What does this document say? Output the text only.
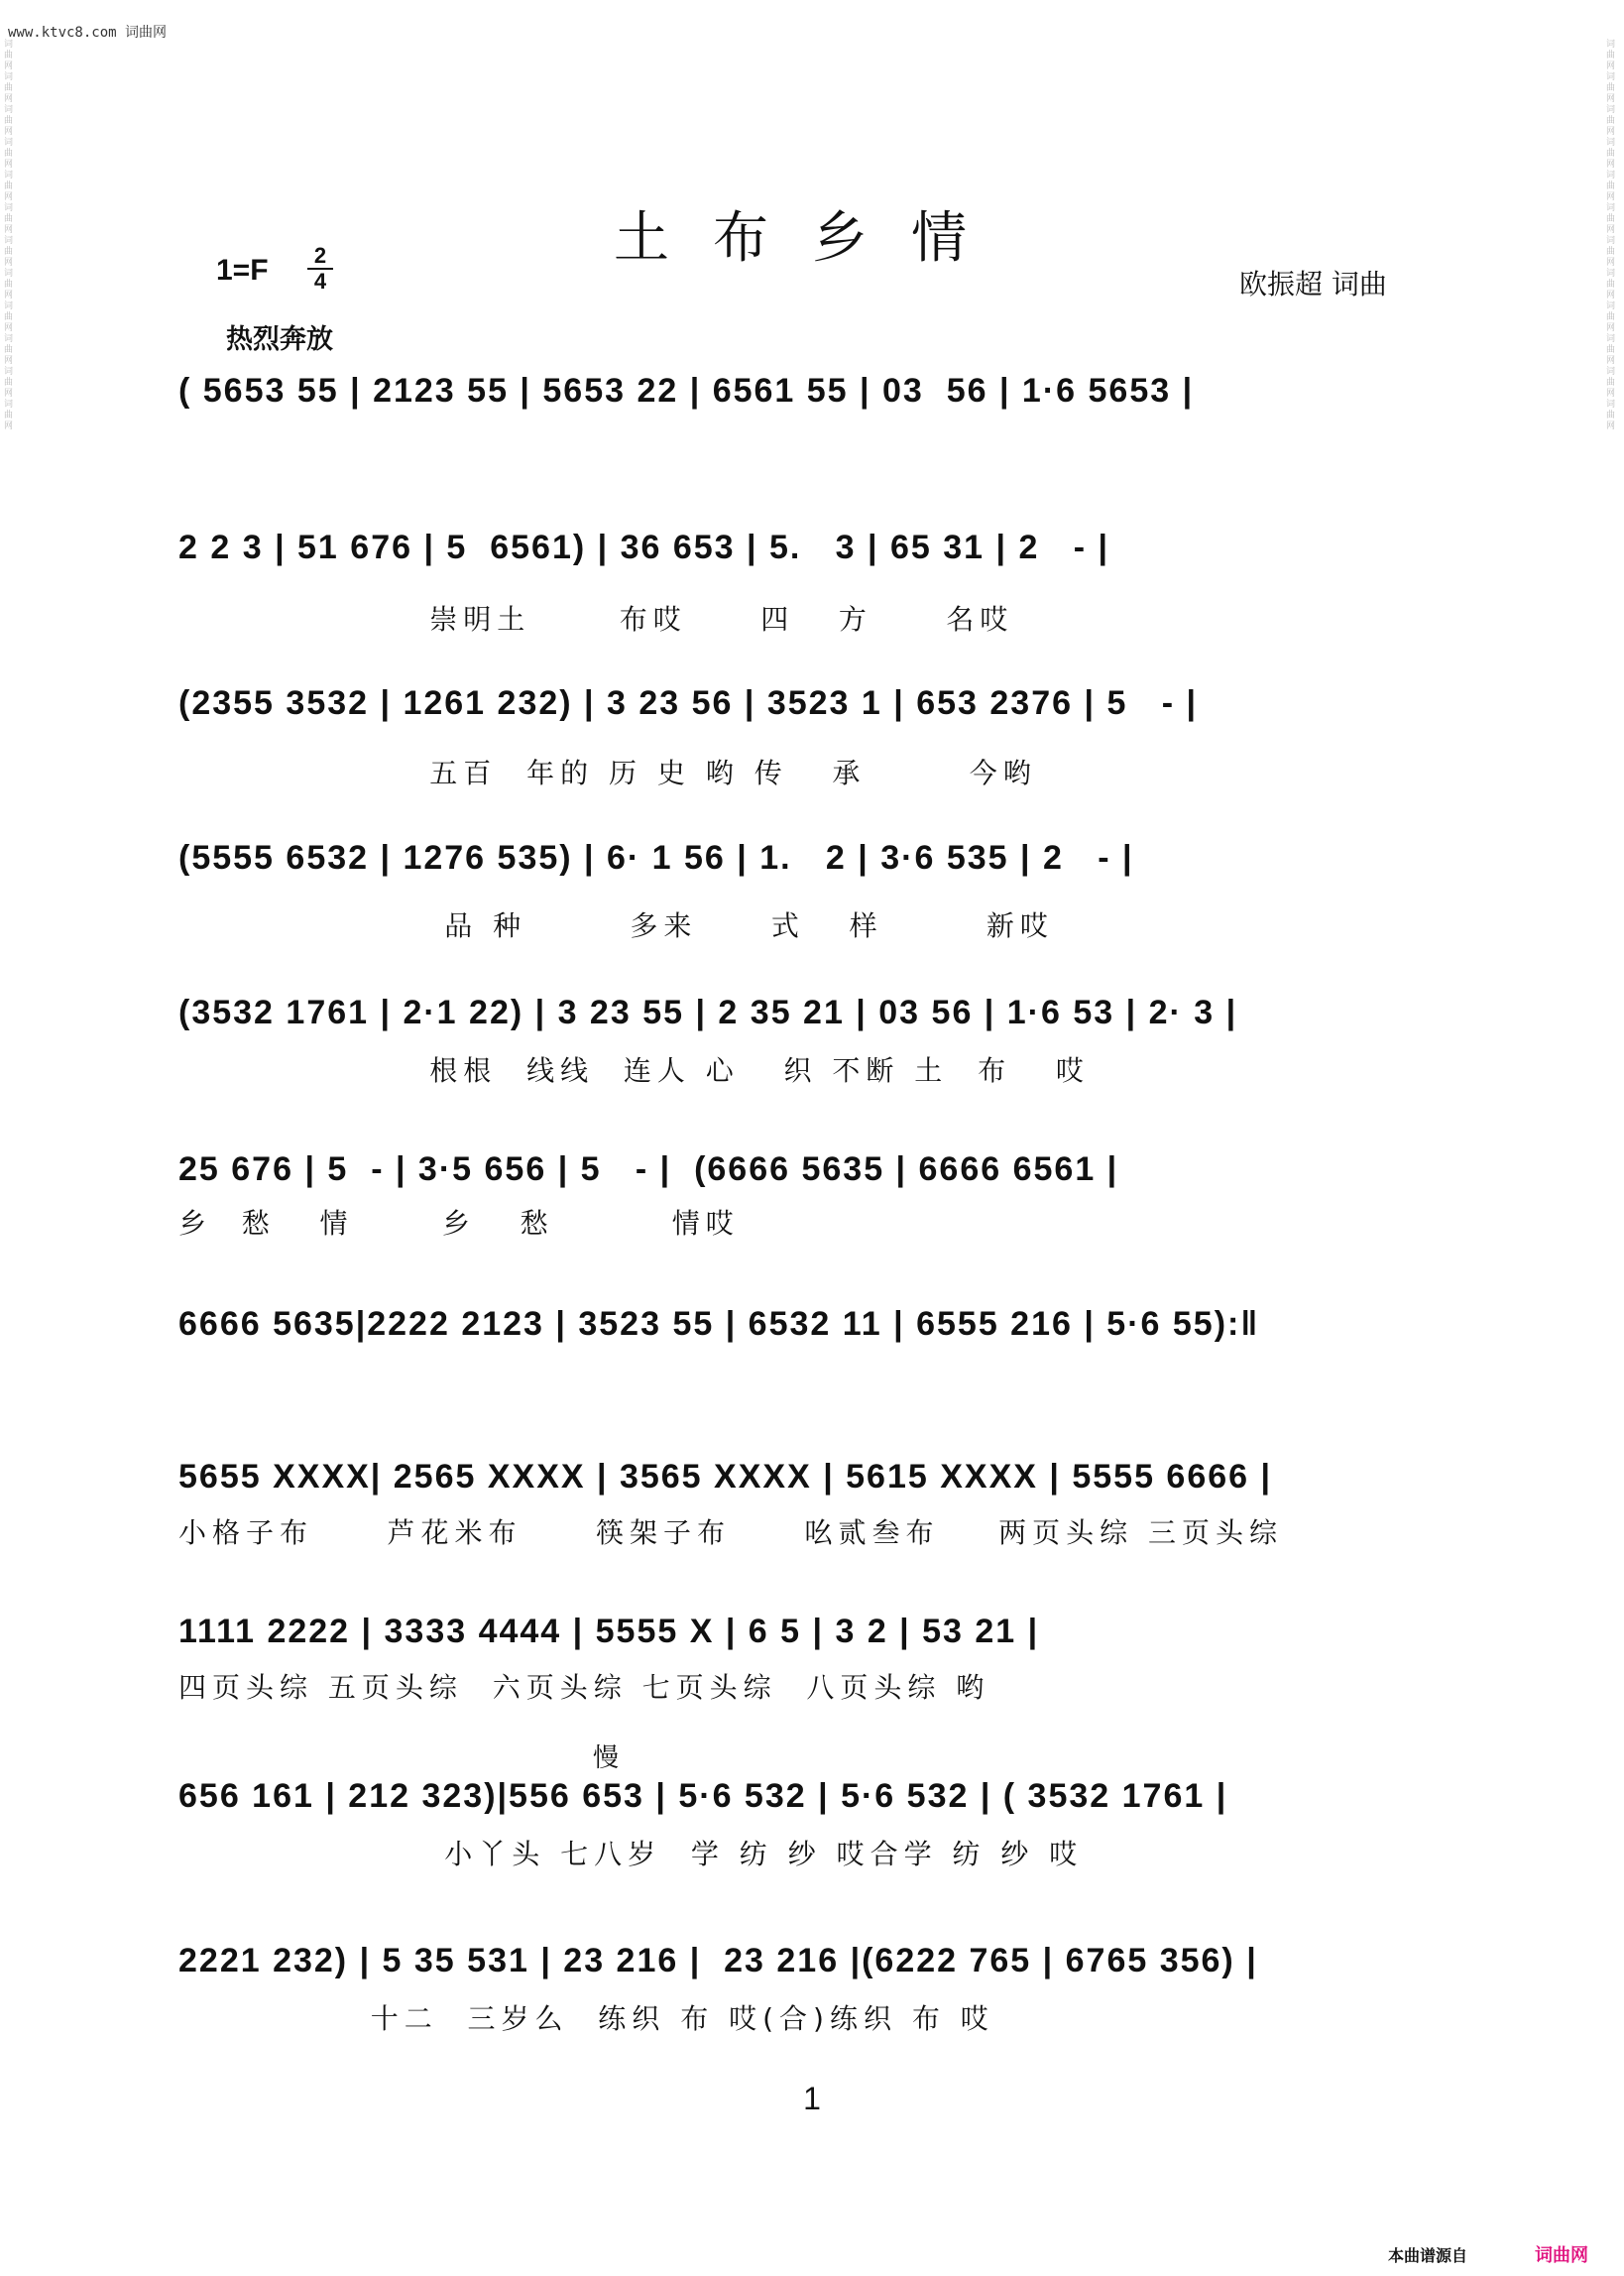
www.ktvc8.com 词曲网
词曲网词曲网词曲网词曲网词曲网词曲网词曲网词曲网词曲网词曲网词曲网词曲网
词曲网词曲网词曲网词曲网词曲网词曲网词曲网词曲网词曲网词曲网词曲网词曲网
土布乡情
1=F	2
4	欧振超 词曲
热烈奔放
慢
( 5653 55 | 2123 55 | 5653 22 | 6561 55 | 03  56 | 1·6 5653 |
2 2 3 | 51 676 | 5  6561) | 36 653 | 5.   3 | 65 31 | 2   - |
崇明土      布哎     四   方     名哎
(2355 3532 | 1261 232) | 3 23 56 | 3523 1 | 653 2376 | 5   - |
五百  年的 历 史 哟 传   承       今哟
(5555 6532 | 1276 535) | 6· 1 56 | 1.   2 | 3·6 535 | 2   - |
品 种       多来     式   样       新哎
(3532 1761 | 2·1 22) | 3 23 55 | 2 35 21 | 03 56 | 1·6 53 | 2· 3 |
根根  线线  连人 心   织 不断 土  布   哎
25 676 | 5  - | 3·5 656 | 5   - |  (6666 5635 | 6666 6561 |
乡  愁   情      乡   愁        情哎
6666 5635|2222 2123 | 3523 55 | 6532 11 | 6555 216 | 5·6 55):‖
5655 XXXX| 2565 XXXX | 3565 XXXX | 5615 XXXX | 5555 6666 |
小格子布     芦花米布     筷架子布     吆贰叁布    两页头综 三页头综
1111 2222 | 3333 4444 | 5555 X | 6 5 | 3 2 | 53 21 |
四页头综 五页头综  六页头综 七页头综  八页头综 哟
656 161 | 212 323)|556 653 | 5·6 532 | 5·6 532 | ( 3532 1761 |
小丫头 七八岁  学 纺 纱 哎合学 纺 纱 哎
2221 232) | 5 35 531 | 23 216 |  23 216 |(6222 765 | 6765 356) |
十二  三岁么  练织 布 哎(合)练织 布 哎
1
本曲谱源自	词曲网
